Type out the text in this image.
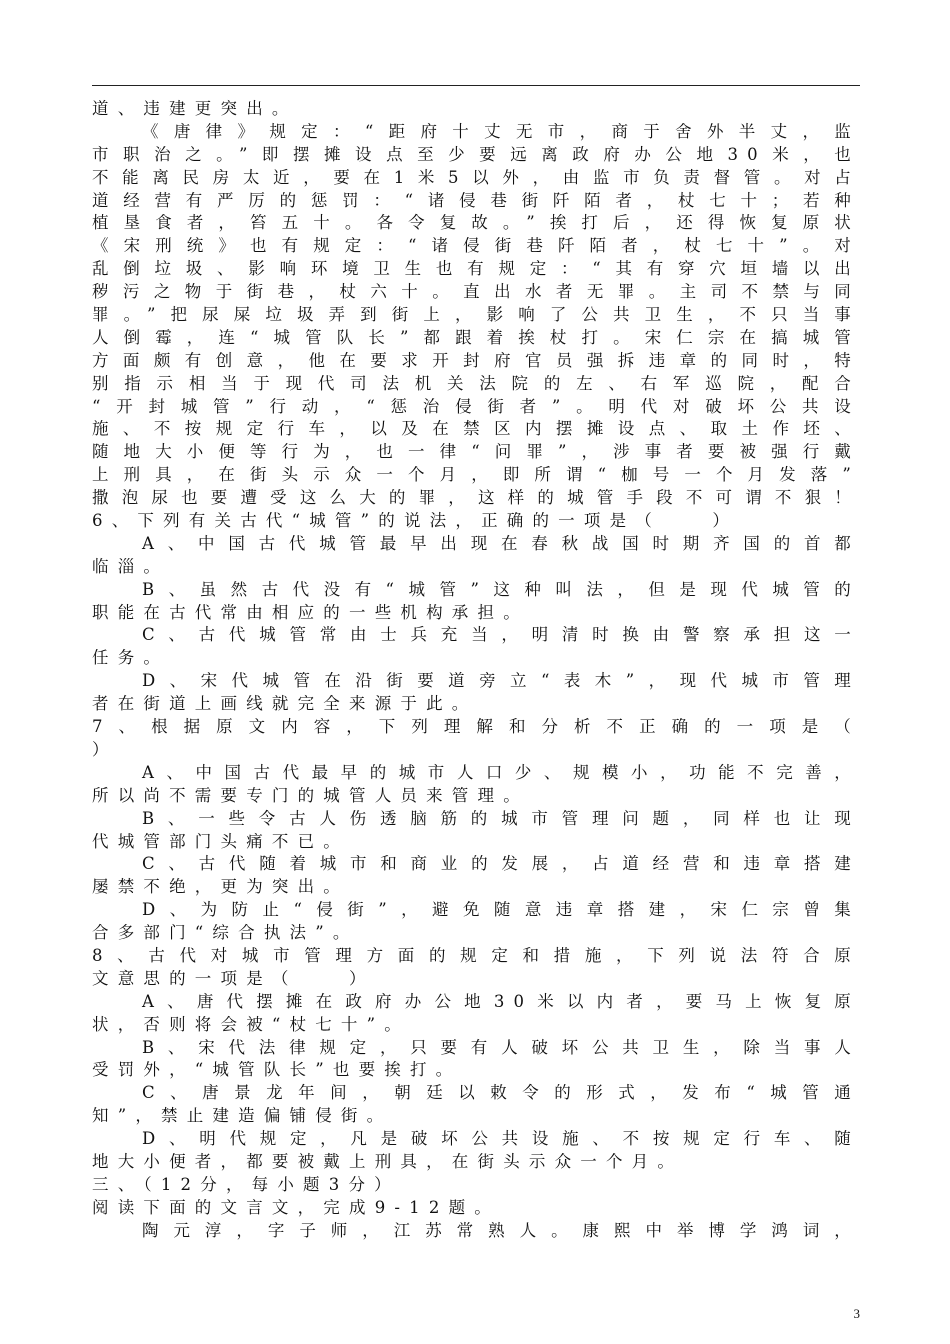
道、违建更突出。
《唐律》规定：“距府十丈无市，商于舍外半丈，监
市职治之。”即摆摊设点至少要远离政府办公地30米，也
不能离民房太近，要在1米5以外，由监市负责督管。对占
道经营有严厉的惩罚：“诸侵巷街阡陌者，杖七十；若种
植垦食者，笞五十。各令复故。”挨打后，还得恢复原状
《宋刑统》也有规定：“诸侵街巷阡陌者，杖七十”。对
乱倒垃圾、影响环境卫生也有规定：“其有穿穴垣墙以出
秽污之物于街巷，杖六十。直出水者无罪。主司不禁与同
罪。”把尿屎垃圾弄到街上，影响了公共卫生，不只当事
人倒霉，连“城管队长”都跟着挨杖打。宋仁宗在搞城管
方面颇有创意，他在要求开封府官员强拆违章的同时，特
别指示相当于现代司法机关法院的左、右军巡院，配合
“开封城管”行动，“惩治侵街者”。明代对破坏公共设
施、不按规定行车，以及在禁区内摆摊设点、取土作坯、
随地大小便等行为，也一律“问罪”，涉事者要被强行戴
上刑具，在街头示众一个月，即所谓“枷号一个月发落”
撒泡尿也要遭受这么大的罪，这样的城管手段不可谓不狠！
6、下列有关古代“城管”的说法，正确的一项是（　　）
A、中国古代城管最早出现在春秋战国时期齐国的首都
临淄。
B、虽然古代没有“城管”这种叫法，但是现代城管的
职能在古代常由相应的一些机构承担。
C、古代城管常由士兵充当，明清时换由警察承担这一
任务。
D、宋代城管在沿街要道旁立“表木”，现代城市管理
者在街道上画线就完全来源于此。
7、根据原文内容，下列理解和分析不正确的一项是（
）
A、中国古代最早的城市人口少、规模小，功能不完善，
所以尚不需要专门的城管人员来管理。
B、一些令古人伤透脑筋的城市管理问题，同样也让现
代城管部门头痛不已。
C、古代随着城市和商业的发展，占道经营和违章搭建
屡禁不绝，更为突出。
D、为防止“侵街”，避免随意违章搭建，宋仁宗曾集
合多部门“综合执法”。
8、古代对城市管理方面的规定和措施，下列说法符合原
文意思的一项是（　　）
A、唐代摆摊在政府办公地30米以内者，要马上恢复原
状，否则将会被“杖七十”。
B、宋代法律规定，只要有人破坏公共卫生，除当事人
受罚外，“城管队长”也要挨打。
C、唐景龙年间，朝廷以敕令的形式，发布“城管通
知”，禁止建造偏铺侵街。
D、明代规定，凡是破坏公共设施、不按规定行车、随
地大小便者，都要被戴上刑具，在街头示众一个月。
三、（12分，每小题3分）
阅读下面的文言文，完成9-12题。
陶元淳，字子师，江苏常熟人。康熙中举博学鸿词，
3
